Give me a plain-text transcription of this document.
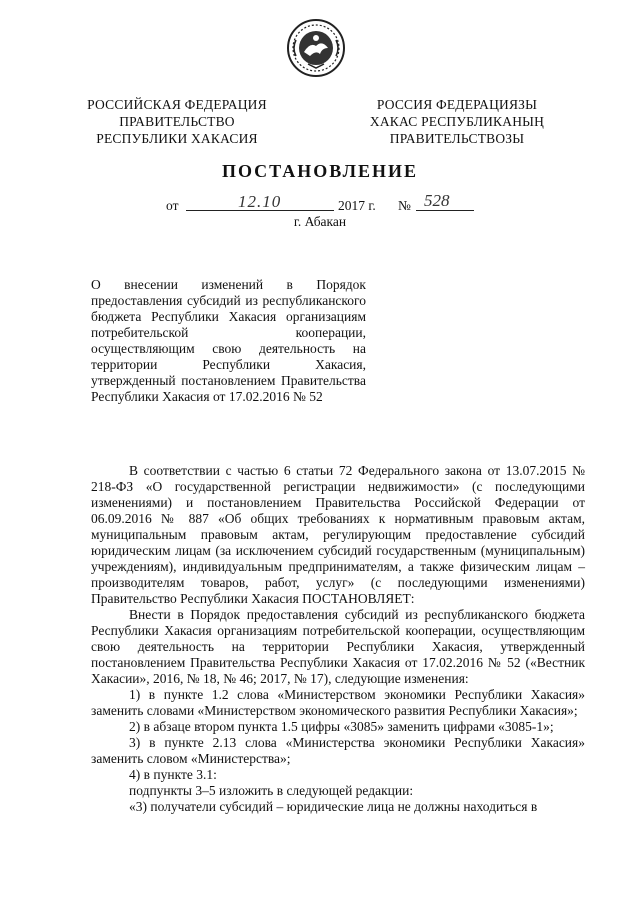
РОССИЙСКАЯ ФЕДЕРАЦИЯ
ПРАВИТЕЛЬСТВО
РЕСПУБЛИКИ ХАКАСИЯ
РОССИЯ ФЕДЕРАЦИЯЗЫ
ХАКАС РЕСПУБЛИКАНЫҢ
ПРАВИТЕЛЬСТВОЗЫ
ПОСТАНОВЛЕНИЕ
от	12.10	2017 г. № 528
г. Абакан
О внесении изменений в Порядок предоставления субсидий из республиканского бюджета Республики Хакасия организациям потребительской кооперации, осуществляющим свою деятельность на территории Республики Хакасия, утвержденный постановлением Правительства Республики Хакасия от 17.02.2016 № 52

В соответствии с частью 6 статьи 72 Федерального закона от 13.07.2015 № 218-ФЗ «О государственной регистрации недвижимости» (с последующими изменениями) и постановлением Правительства Российской Федерации от 06.09.2016 № 887 «Об общих требованиях к нормативным правовым актам, муниципальным правовым актам, регулирующим предоставление субсидий юридическим лицам (за исключением субсидий государственным (муниципальным) учреждениям), индивидуальным предпринимателям, а также физическим лицам – производителям товаров, работ, услуг» (с последующими изменениями) Правительство Республики Хакасия ПОСТАНОВЛЯЕТ:

Внести в Порядок предоставления субсидий из республиканского бюджета Республики Хакасия организациям потребительской кооперации, осуществляющим свою деятельность на территории Республики Хакасия, утвержденный постановлением Правительства Республики Хакасия от 17.02.2016 № 52 («Вестник Хакасии», 2016, № 18, № 46; 2017, № 17), следующие изменения:

1) в пункте 1.2 слова «Министерством экономики Республики Хакасия» заменить словами «Министерством экономического развития Республики Хакасия»;

2) в абзаце втором пункта 1.5 цифры «3085» заменить цифрами «3085-1»;

3) в пункте 2.13 слова «Министерства экономики Республики Хакасия» заменить словом «Министерства»;

4) в пункте 3.1:

подпункты 3–5 изложить в следующей редакции:

«3) получатели субсидий – юридические лица не должны находиться в
